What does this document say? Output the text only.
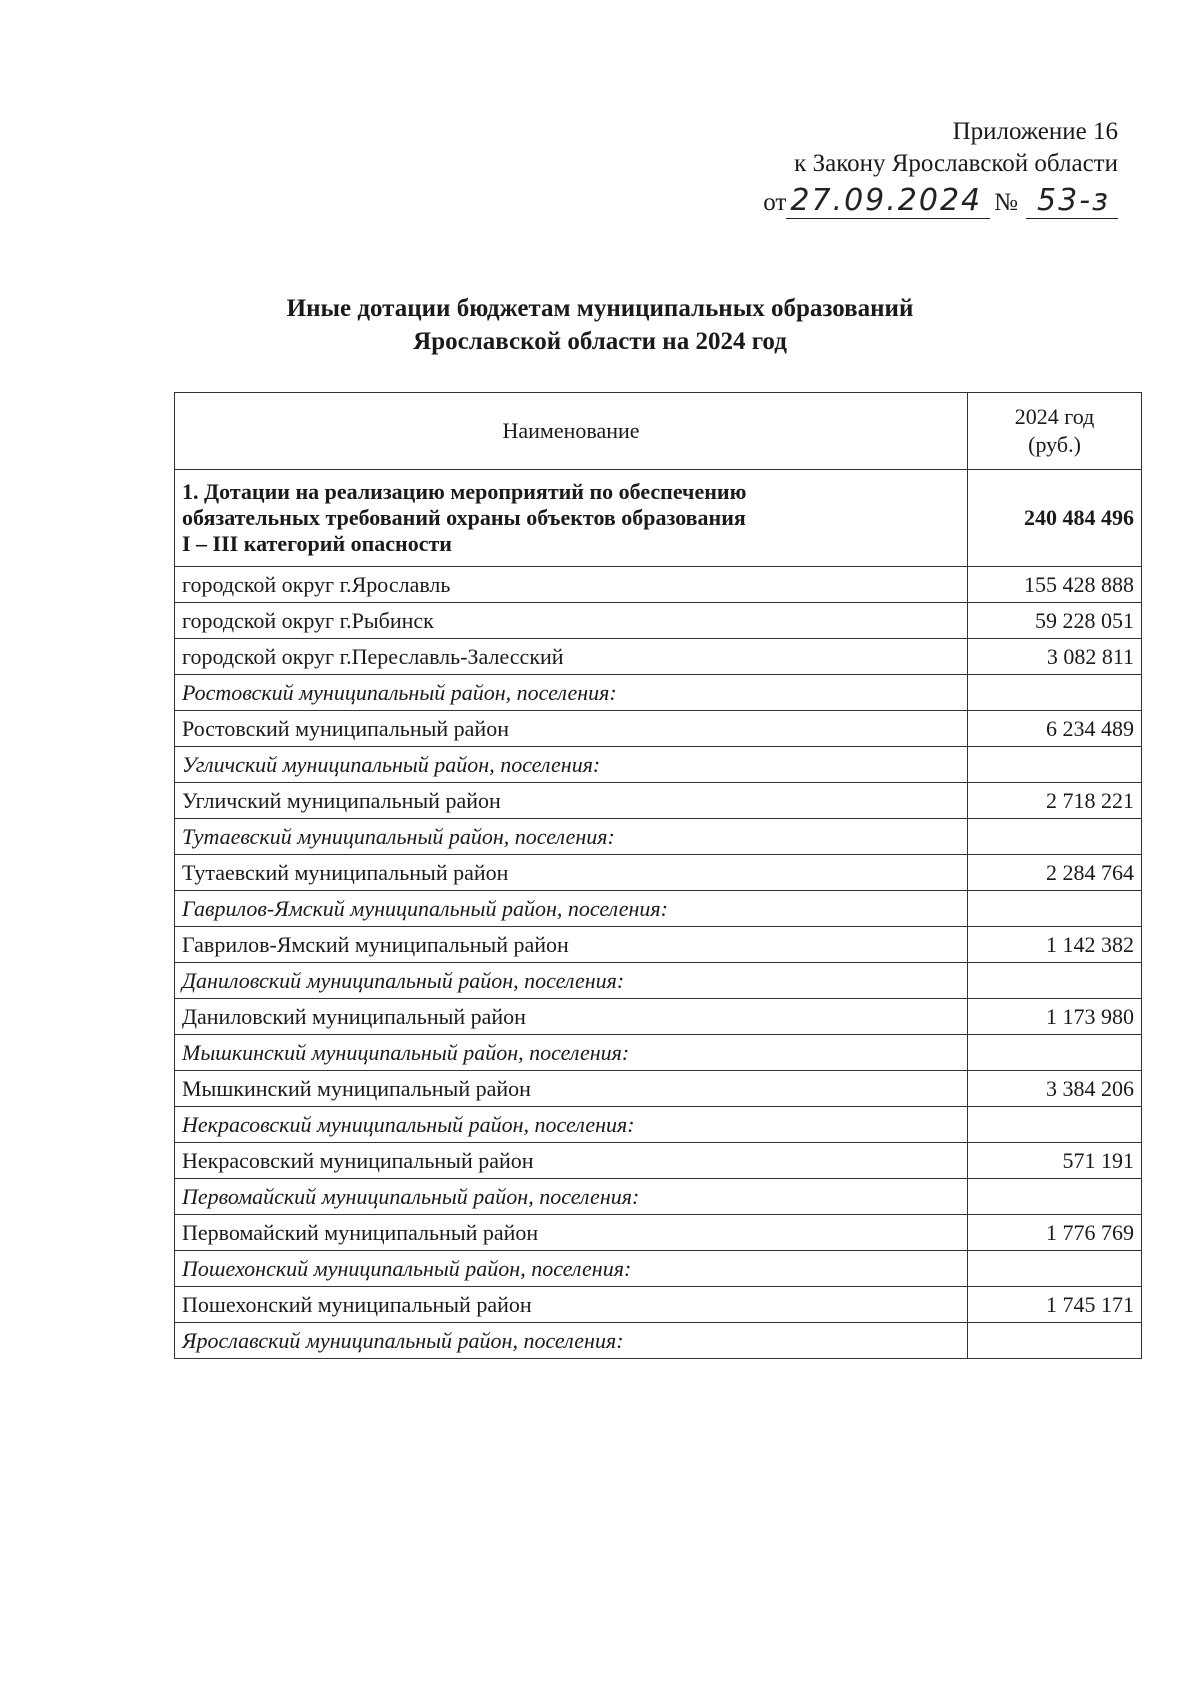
Приложение 16
к Закону Ярославской области
от 27.09.2024 № 53-з
Иные дотации бюджетам муниципальных образований
Ярославской области на 2024 год
Наименование	2024 год
(руб.)

1. Дотации на реализацию мероприятий по обеспечению
обязательных требований охраны объектов образования
I – III категорий опасности	240 484 496
городской округ г.Ярославль	155 428 888
городской округ г.Рыбинск	59 228 051
городской округ г.Переславль-Залесский	3 082 811
Ростовский муниципальный район, поселения:	
Ростовский муниципальный район	6 234 489
Угличский муниципальный район, поселения:	
Угличский муниципальный район	2 718 221
Тутаевский муниципальный район, поселения:	
Тутаевский муниципальный район	2 284 764
Гаврилов-Ямский муниципальный район, поселения:	
Гаврилов-Ямский муниципальный район	1 142 382
Даниловский муниципальный район, поселения:	
Даниловский муниципальный район	1 173 980
Мышкинский муниципальный район, поселения:	
Мышкинский муниципальный район	3 384 206
Некрасовский муниципальный район, поселения:	
Некрасовский муниципальный район	571 191
Первомайский муниципальный район, поселения:	
Первомайский муниципальный район	1 776 769
Пошехонский муниципальный район, поселения:	
Пошехонский муниципальный район	1 745 171
Ярославский муниципальный район, поселения:	
